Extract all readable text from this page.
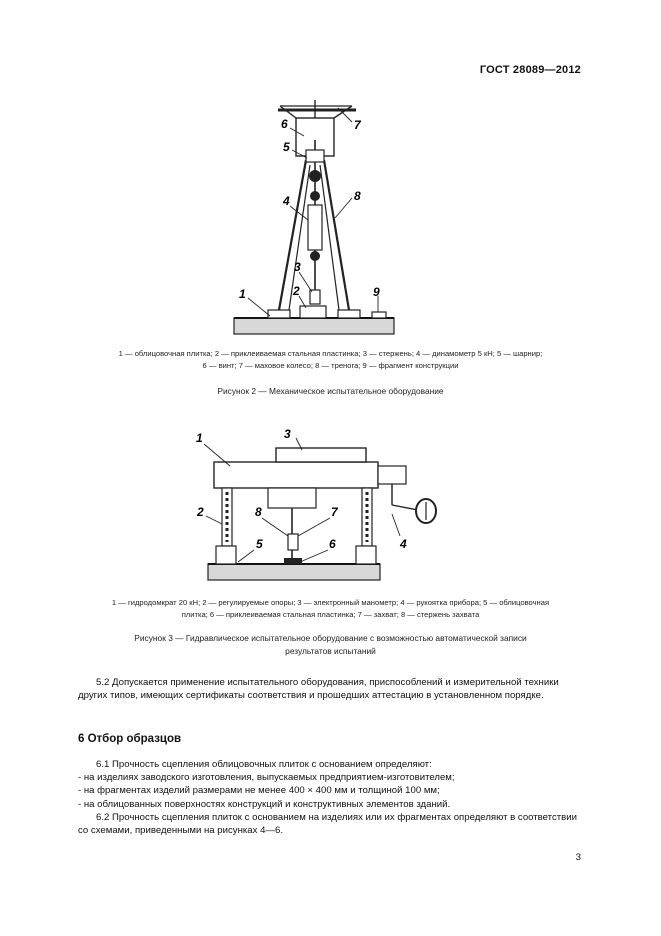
ГОСТ 28089—2012
1	2
3
4
5
6	7
8
9
1 — облицовочная плитка; 2 — приклеиваемая стальная пластинка; 3 — стержень; 4 — динамометр 5 кН; 5 — шарнир;
6 — винт; 7 — маховое колесо; 8 — тренога; 9 — фрагмент конструкции
Рисунок 2 — Механическое испытательное оборудование
1
2
3
4
5	6
7
8
1 — гидродомкрат 20 кН; 2 — регулируемые опоры; 3 — электронный манометр; 4 — рукоятка прибора; 5 — облицовочная
плитка; 6 — приклеиваемая стальная пластинка; 7 — захват; 8 — стержень захвата
Рисунок 3 — Гидравлическое испытательное оборудование с возможностью автоматической записи
результатов испытаний

5.2 Допускается применение испытательного оборудования, приспособлений и измерительной техники других типов, имеющих сертификаты соответствия и прошедших аттестацию в установленном порядке.

6 Отбор образцов

6.1 Прочность сцепления облицовочных плиток с основанием определяют:

- на изделиях заводского изготовления, выпускаемых предприятием-изготовителем;

- на фрагментах изделий размерами не менее 400 × 400 мм и толщиной 100 мм;

- на облицованных поверхностях конструкций и конструктивных элементов зданий.

6.2 Прочность сцепления плиток с основанием на изделиях или их фрагментах определяют в соответствии со схемами, приведенными на рисунках 4—6.

3
